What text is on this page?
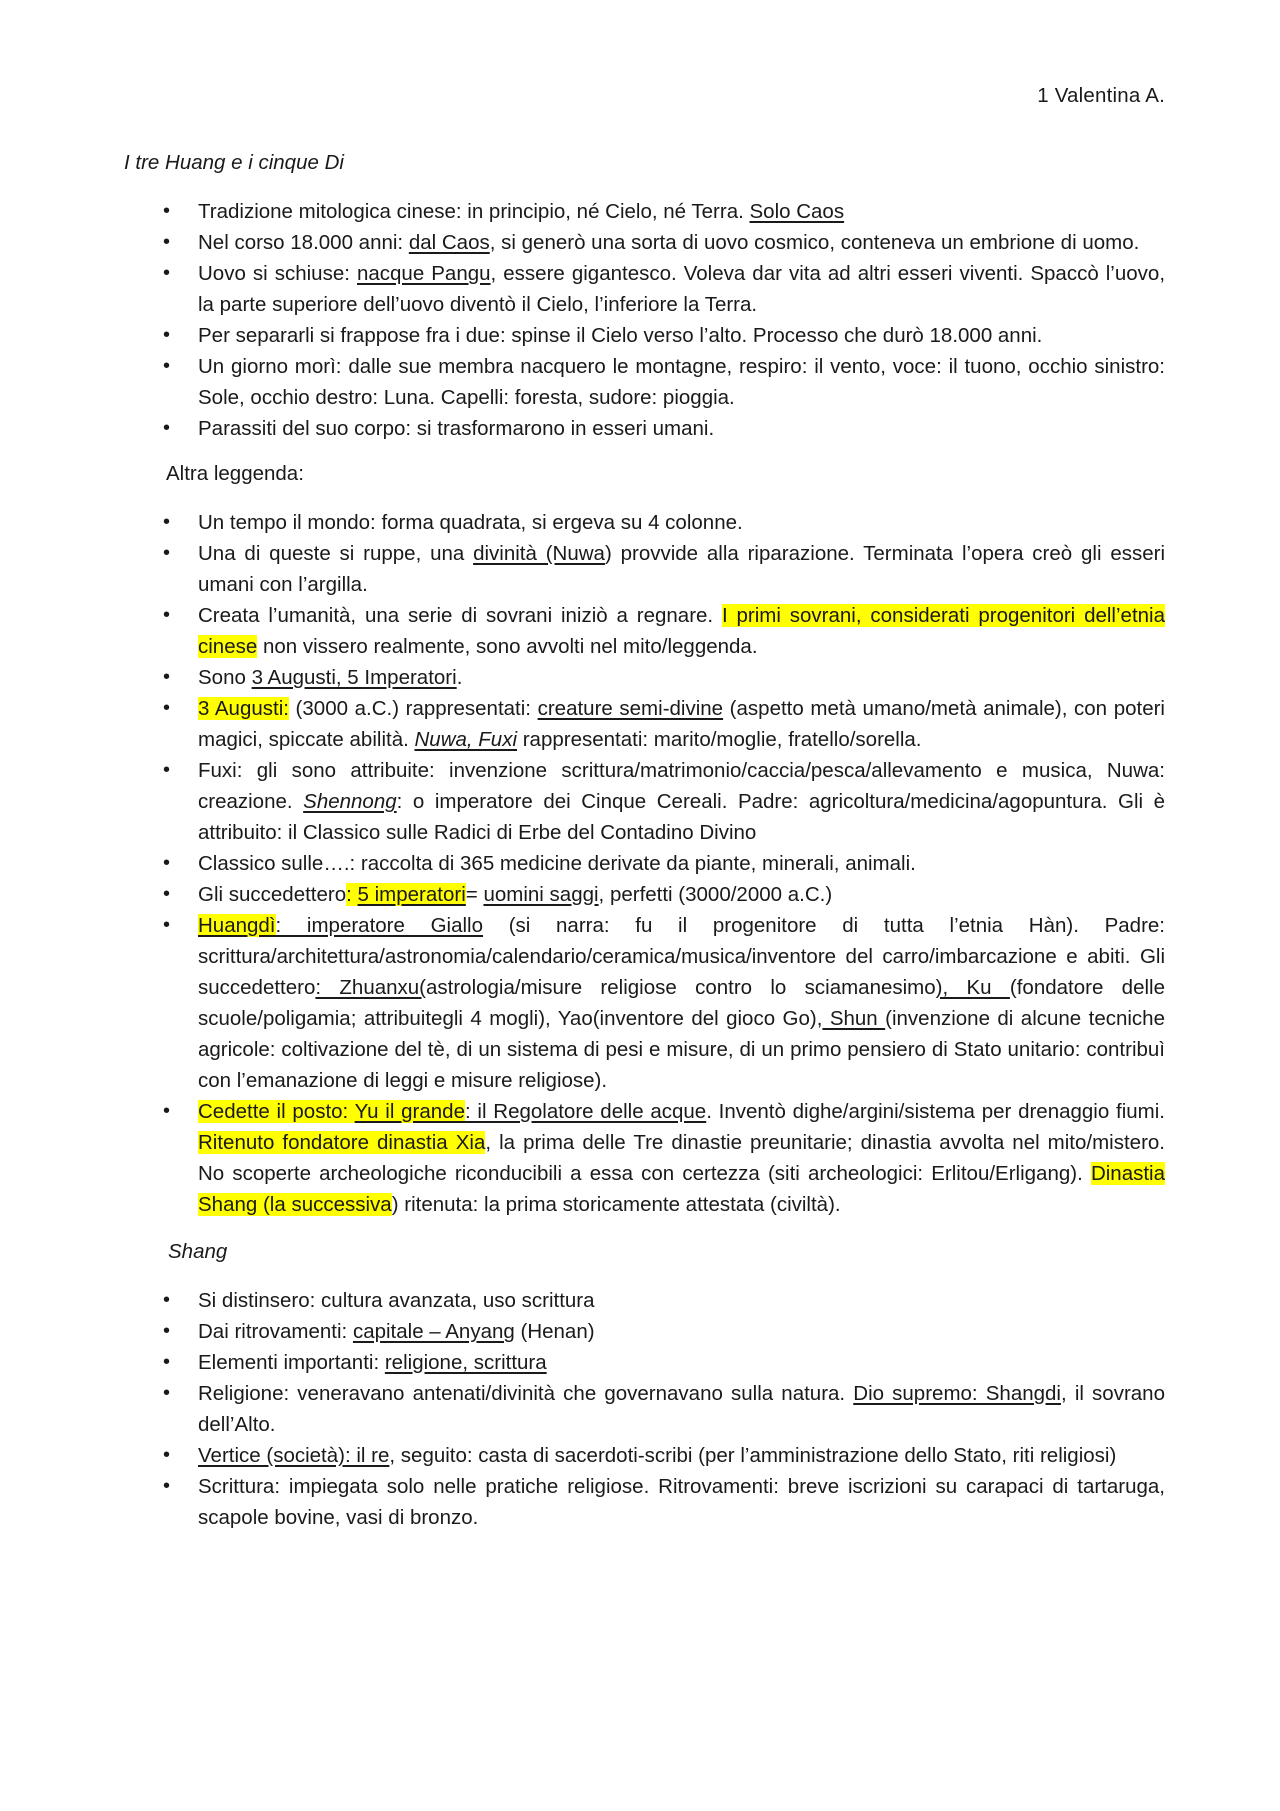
1 Valentina A.
I tre Huang e i cinque Di
• Tradizione mitologica cinese: in principio, né Cielo, né Terra. Solo Caos
• Nel corso 18.000 anni: dal Caos, si generò una sorta di uovo cosmico, conteneva un embrione di uomo.
• Uovo si schiuse: nacque Pangu, essere gigantesco. Voleva dar vita ad altri esseri viventi. Spaccò l’uovo, la parte superiore dell’uovo diventò il Cielo, l’inferiore la Terra.
• Per separarli si frappose fra i due: spinse il Cielo verso l’alto. Processo che durò 18.000 anni.
• Un giorno morì: dalle sue membra nacquero le montagne, respiro: il vento, voce: il tuono, occhio sinistro: Sole, occhio destro: Luna. Capelli: foresta, sudore: pioggia.
• Parassiti del suo corpo: si trasformarono in esseri umani.
Altra leggenda:
• Un tempo il mondo: forma quadrata, si ergeva su 4 colonne.
• Una di queste si ruppe, una divinità (Nuwa) provvide alla riparazione. Terminata l’opera creò gli esseri umani con l’argilla.
• Creata l’umanità, una serie di sovrani iniziò a regnare. I primi sovrani, considerati progenitori dell’etnia cinese non vissero realmente, sono avvolti nel mito/leggenda.
• Sono 3 Augusti, 5 Imperatori.
• 3 Augusti: (3000 a.C.) rappresentati: creature semi-divine (aspetto metà umano/metà animale), con poteri magici, spiccate abilità. Nuwa, Fuxi rappresentati: marito/moglie, fratello/sorella.
• Fuxi: gli sono attribuite: invenzione scrittura/matrimonio/caccia/pesca/allevamento e musica, Nuwa: creazione. Shennong: o imperatore dei Cinque Cereali. Padre: agricoltura/medicina/agopuntura. Gli è attribuito: il Classico sulle Radici di Erbe del Contadino Divino
• Classico sulle….: raccolta di 365 medicine derivate da piante, minerali, animali.
• Gli succedettero: 5 imperatori= uomini saggi, perfetti (3000/2000 a.C.)
• Huangdì: imperatore Giallo (si narra: fu il progenitore di tutta l’etnia Hàn). Padre: scrittura/architettura/astronomia/calendario/ceramica/musica/inventore del carro/imbarcazione e abiti. Gli succedettero: Zhuanxu(astrologia/misure religiose contro lo sciamanesimo), Ku (fondatore delle scuole/poligamia; attribuitegli 4 mogli), Yao(inventore del gioco Go), Shun (invenzione di alcune tecniche agricole: coltivazione del tè, di un sistema di pesi e misure, di un primo pensiero di Stato unitario: contribuì con l’emanazione di leggi e misure religiose).
• Cedette il posto: Yu il grande: il Regolatore delle acque. Inventò dighe/argini/sistema per drenaggio fiumi. Ritenuto fondatore dinastia Xia, la prima delle Tre dinastie preunitarie; dinastia avvolta nel mito/mistero. No scoperte archeologiche riconducibili a essa con certezza (siti archeologici: Erlitou/Erligang). Dinastia Shang (la successiva) ritenuta: la prima storicamente attestata (civiltà).
Shang
• Si distinsero: cultura avanzata, uso scrittura
• Dai ritrovamenti: capitale – Anyang (Henan)
• Elementi importanti: religione, scrittura
• Religione: veneravano antenati/divinità che governavano sulla natura. Dio supremo: Shangdi, il sovrano dell’Alto.
• Vertice (società): il re, seguito: casta di sacerdoti-scribi (per l’amministrazione dello Stato, riti religiosi)
• Scrittura: impiegata solo nelle pratiche religiose. Ritrovamenti: breve iscrizioni su carapaci di tartaruga, scapole bovine, vasi di bronzo.
